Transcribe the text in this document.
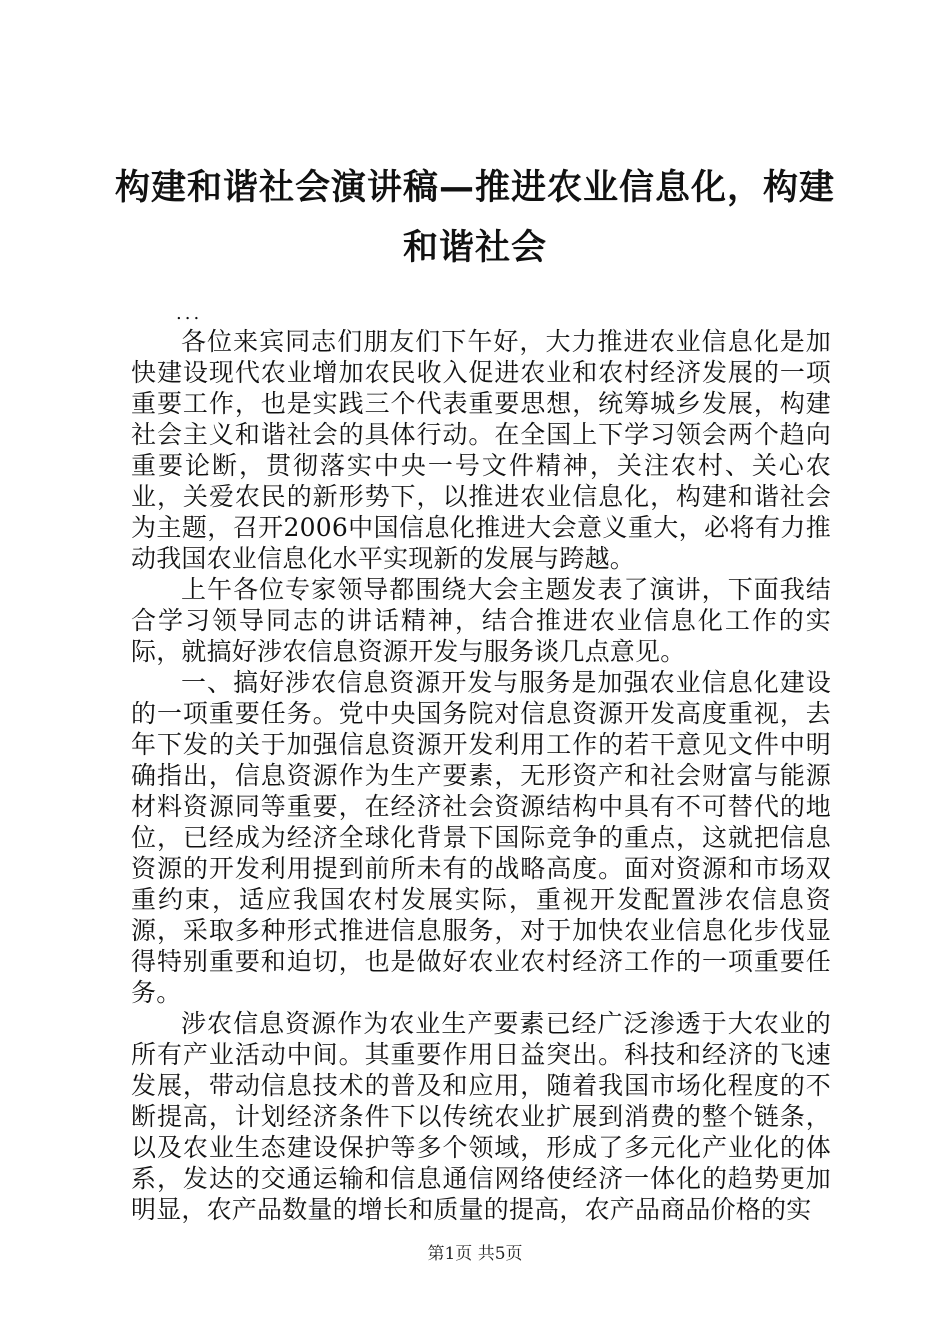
构建和谐社会演讲稿—推进农业信息化，构建和谐社会
...

各位来宾同志们朋友们下午好，大力推进农业信息化是加快建设现代农业增加农民收入促进农业和农村经济发展的一项重要工作，也是实践三个代表重要思想，统筹城乡发展，构建社会主义和谐社会的具体行动。在全国上下学习领会两个趋向重要论断，贯彻落实中央一号文件精神，关注农村、关心农业，关爱农民的新形势下，以推进农业信息化，构建和谐社会为主题，召开2006中国信息化推进大会意义重大，必将有力推动我国农业信息化水平实现新的发展与跨越。

上午各位专家领导都围绕大会主题发表了演讲，下面我结合学习领导同志的讲话精神，结合推进农业信息化工作的实际，就搞好涉农信息资源开发与服务谈几点意见。

一、搞好涉农信息资源开发与服务是加强农业信息化建设的一项重要任务。党中央国务院对信息资源开发高度重视，去年下发的关于加强信息资源开发利用工作的若干意见文件中明确指出，信息资源作为生产要素，无形资产和社会财富与能源材料资源同等重要，在经济社会资源结构中具有不可替代的地位，已经成为经济全球化背景下国际竞争的重点，这就把信息资源的开发利用提到前所未有的战略高度。面对资源和市场双重约束，适应我国农村发展实际，重视开发配置涉农信息资源，采取多种形式推进信息服务，对于加快农业信息化步伐显得特别重要和迫切，也是做好农业农村经济工作的一项重要任务。

涉农信息资源作为农业生产要素已经广泛渗透于大农业的所有产业活动中间。其重要作用日益突出。科技和经济的飞速发展，带动信息技术的普及和应用，随着我国市场化程度的不断提高，计划经济条件下以传统农业扩展到消费的整个链条，以及农业生态建设保护等多个领域，形成了多元化产业化的体系，发达的交通运输和信息通信网络使经济一体化的趋势更加明显，农产品数量的增长和质量的提高，农产品商品价格的实

第1页 共5页
